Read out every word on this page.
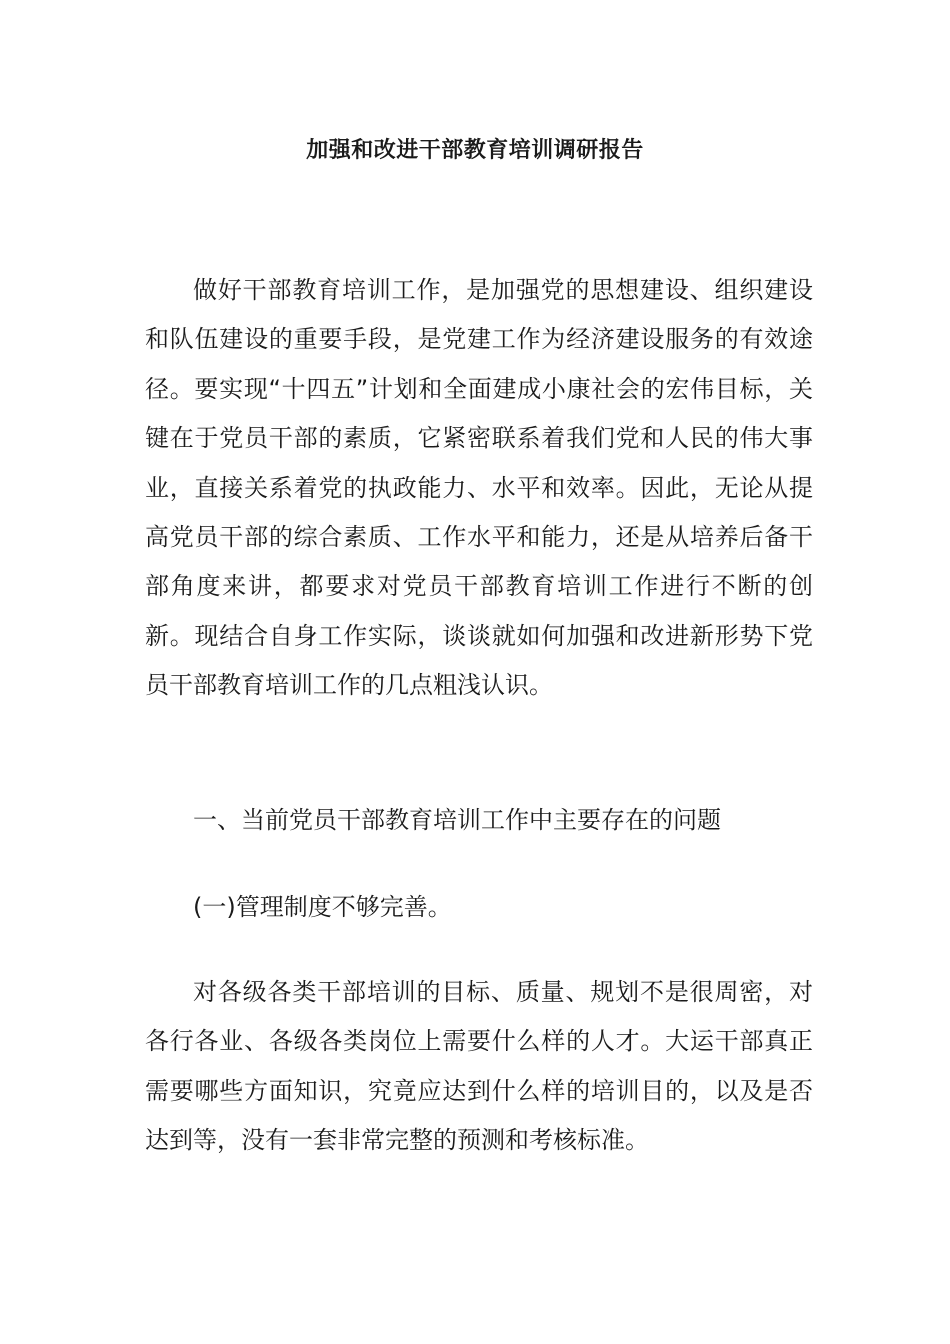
加强和改进干部教育培训调研报告

做好干部教育培训工作，是加强党的思想建设、组织建设和队伍建设的重要手段，是党建工作为经济建设服务的有效途径。要实现“十四五”计划和全面建成小康社会的宏伟目标，关键在于党员干部的素质，它紧密联系着我们党和人民的伟大事业，直接关系着党的执政能力、水平和效率。因此，无论从提高党员干部的综合素质、工作水平和能力，还是从培养后备干部角度来讲，都要求对党员干部教育培训工作进行不断的创新。现结合自身工作实际，谈谈就如何加强和改进新形势下党员干部教育培训工作的几点粗浅认识。

一、当前党员干部教育培训工作中主要存在的问题

(一)管理制度不够完善。

对各级各类干部培训的目标、质量、规划不是很周密，对各行各业、各级各类岗位上需要什么样的人才。大运干部真正需要哪些方面知识，究竟应达到什么样的培训目的，以及是否达到等，没有一套非常完整的预测和考核标准。
